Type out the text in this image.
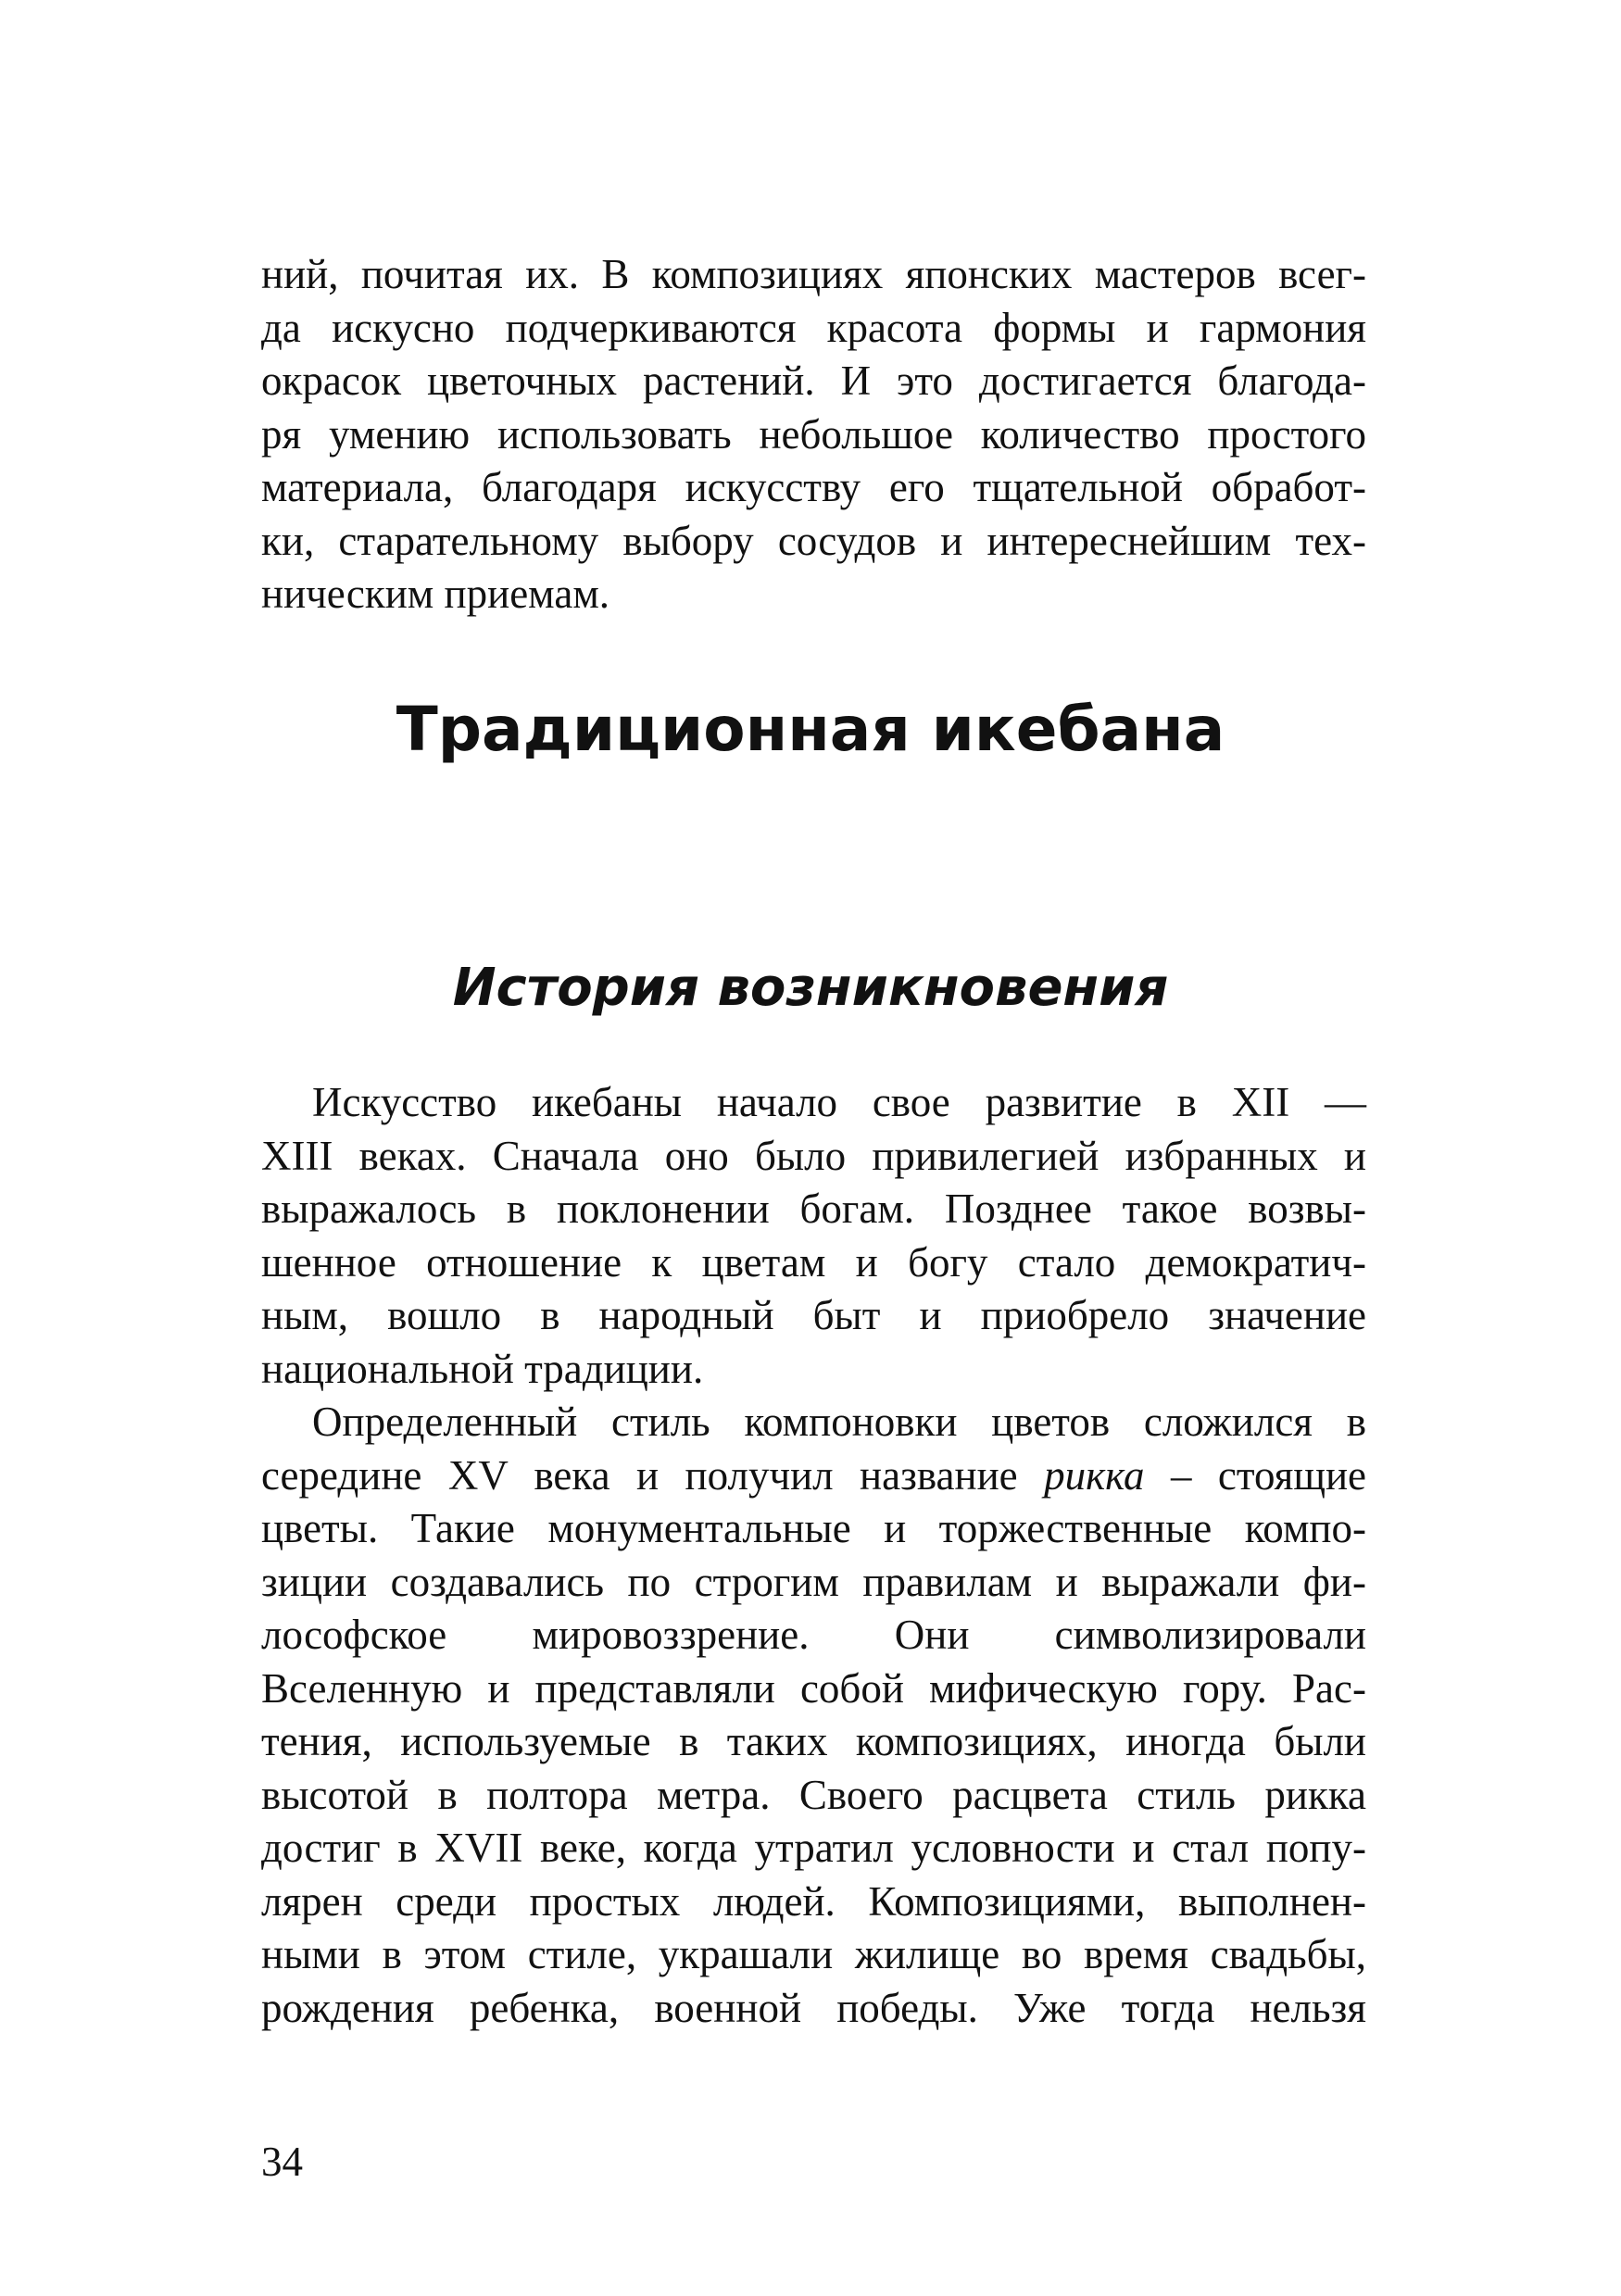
ний, почитая их. В композициях японских мастеров всег-
да искусно подчеркиваются красота формы и гармония
окрасок цветочных растений. И это достигается благода-
ря умению использовать небольшое количество простого
материала, благодаря искусству его тщательной обработ-
ки, старательному выбору сосудов и интереснейшим тех-
ническим приемам.
Традиционная икебана
История возникновения
Искусство икебаны начало свое развитие в XII —
XIII веках. Сначала оно было привилегией избранных и
выражалось в поклонении богам. Позднее такое возвы-
шенное отношение к цветам и богу стало демократич-
ным, вошло в народный быт и приобрело значение
национальной традиции.
Определенный стиль компоновки цветов сложился в
середине XV века и получил название рикка – стоящие
цветы. Такие монументальные и торжественные компо-
зиции создавались по строгим правилам и выражали фи-
лософское мировоззрение. Они символизировали
Вселенную и представляли собой мифическую гору. Рас-
тения, используемые в таких композициях, иногда были
высотой в полтора метра. Своего расцвета стиль рикка
достиг в XVII веке, когда утратил условности и стал попу-
лярен среди простых людей. Композициями, выполнен-
ными в этом стиле, украшали жилище во время свадьбы,
рождения ребенка, военной победы. Уже тогда нельзя
34
